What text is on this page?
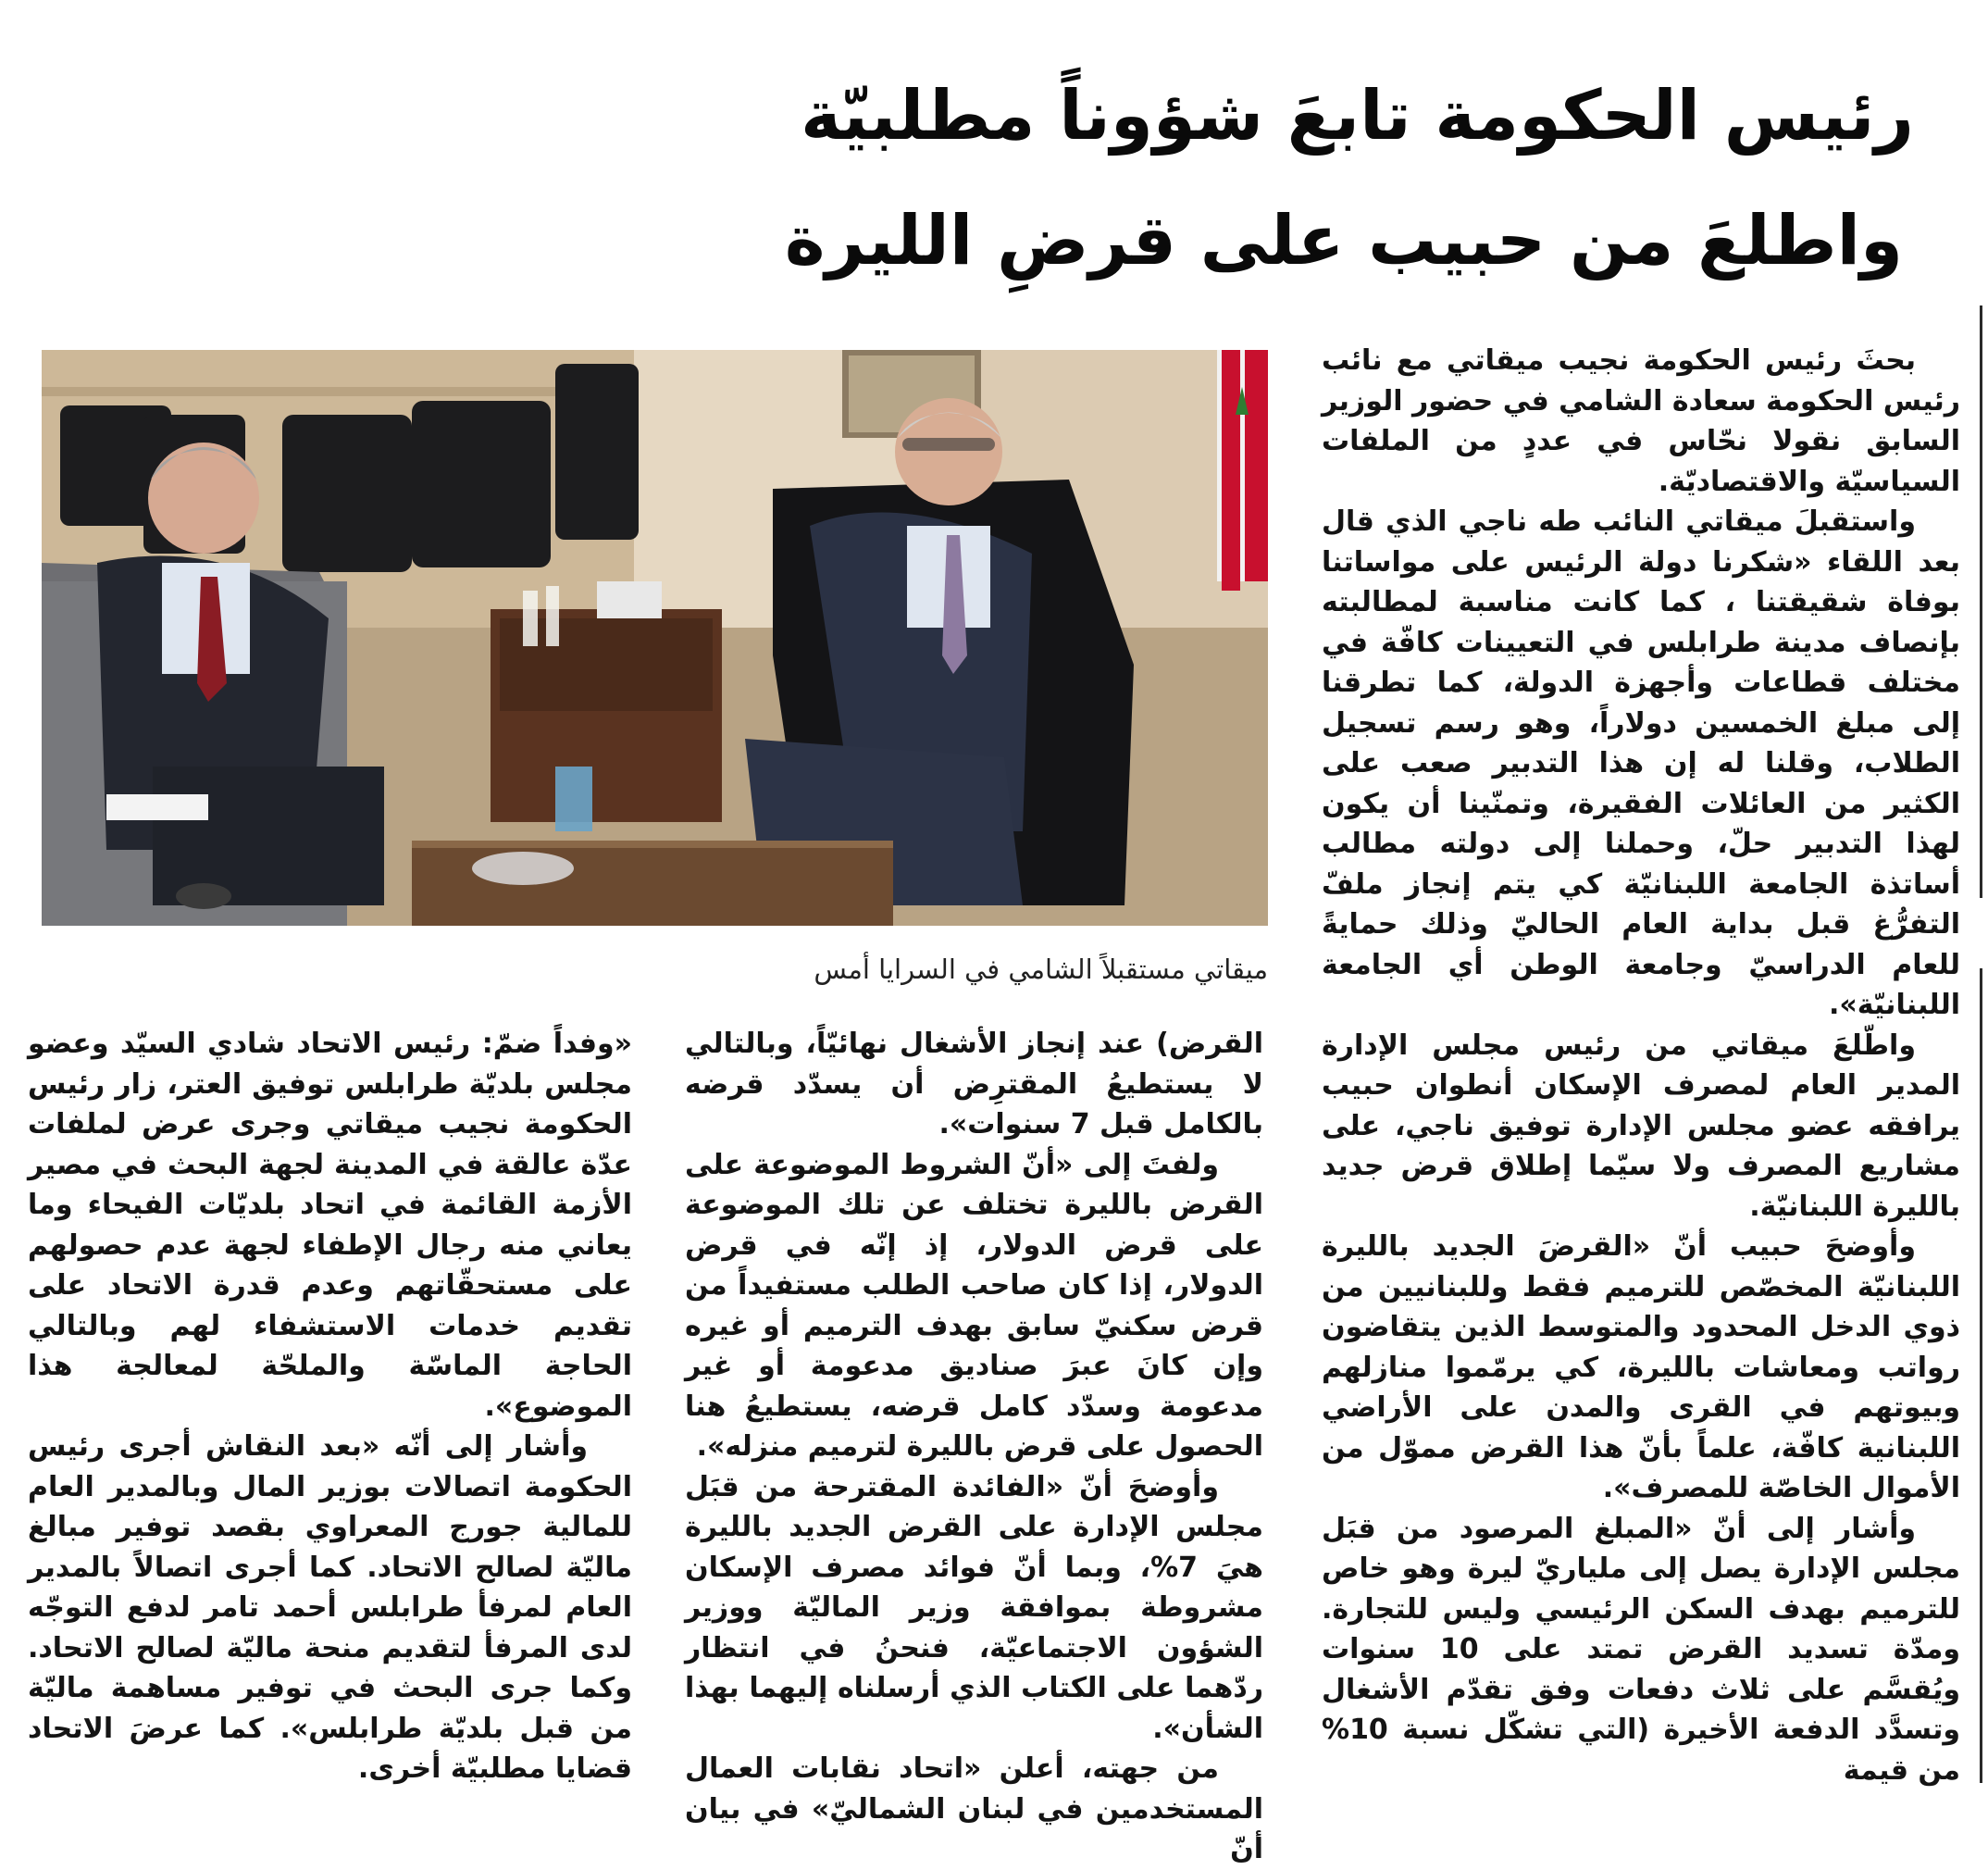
رئيس الحكومة تابعَ شؤوناً مطلبيّة
واطلعَ من حبيب على قرضِ الليرة

بحثَ رئيس الحكومة نجيب ميقاتي مع نائب رئيس الحكومة سعادة الشامي في حضور الوزير السابق نقولا نحّاس في عددٍ من الملفات السياسيّة والاقتصاديّة.

واستقبلَ ميقاتي النائب طه ناجي الذي قال بعد اللقاء «شكرنا دولة الرئيس على مواساتنا بوفاة شقيقتنا ، كما كانت مناسبة لمطالبته بإنصاف مدينة طرابلس في التعيينات كافّة في مختلف قطاعات وأجهزة الدولة، كما تطرقنا إلى مبلغ الخمسين دولاراً، وهو رسم تسجيل الطلاب، وقلنا له إن هذا التدبير صعب على الكثير من العائلات الفقيرة، وتمنّينا أن يكون لهذا التدبير حلّ، وحملنا إلى دولته مطالب أساتذة الجامعة اللبنانيّة كي يتم إنجاز ملفّ التفرُّغ قبل بداية العام الحاليّ وذلك حمايةً للعام الدراسيّ وجامعة الوطن أي الجامعة اللبنانيّة».

واطّلعَ ميقاتي من رئيس مجلس الإدارة المدير العام لمصرف الإسكان أنطوان حبيب يرافقه عضو مجلس الإدارة توفيق ناجي، على مشاريع المصرف ولا سيّما إطلاق قرض جديد بالليرة اللبنانيّة.

وأوضحَ حبيب أنّ «القرضَ الجديد بالليرة اللبنانيّة المخصّص للترميم فقط وللبنانيين من ذوي الدخل المحدود والمتوسط الذين يتقاضون رواتب ومعاشات بالليرة، كي يرمّموا منازلهم وبيوتهم في القرى والمدن على الأراضي اللبنانية كافّة، علماً بأنّ هذا القرض مموّل من الأموال الخاصّة للمصرف».

وأشار إلى أنّ «المبلغ المرصود من قبَل مجلس الإدارة يصل إلى ملياريّ ليرة وهو خاص للترميم بهدف السكن الرئيسي وليس للتجارة. ومدّة تسديد القرض تمتد على 10 سنوات ويُقسَّم على ثلاث دفعات وفق تقدّم الأشغال وتسدَّد الدفعة الأخيرة (التي تشكّل نسبة 10% من قيمة

ميقاتي مستقبلاً الشامي في السرايا أمس

القرض) عند إنجاز الأشغال نهائيّاً، وبالتالي لا يستطيعُ المقترِض أن يسدّد قرضه بالكامل قبل 7 سنوات».

ولفتَ إلى «أنّ الشروط الموضوعة على القرض بالليرة تختلف عن تلك الموضوعة على قرض الدولار، إذ إنّه في قرض الدولار، إذا كان صاحب الطلب مستفيداً من قرض سكنيّ سابق بهدف الترميم أو غيره وإن كانَ عبرَ صناديق مدعومة أو غير مدعومة وسدّد كامل قرضه، يستطيعُ هنا الحصول على قرض بالليرة لترميم منزله».

وأوضحَ أنّ «الفائدة المقترحة من قبَل مجلس الإدارة على القرض الجديد بالليرة هيَ 7%، وبما أنّ فوائد مصرف الإسكان مشروطة بموافقة وزير الماليّة ووزير الشؤون الاجتماعيّة، فنحنُ في انتظار ردّهما على الكتاب الذي أرسلناه إليهما بهذا الشأن».

من جهته، أعلن «اتحاد نقابات العمال المستخدمين في لبنان الشماليّ» في بيان أنّ

«وفداً ضمّ: رئيس الاتحاد شادي السيّد وعضو مجلس بلديّة طرابلس توفيق العتر، زار رئيس الحكومة نجيب ميقاتي وجرى عرض لملفات عدّة عالقة في المدينة لجهة البحث في مصير الأزمة القائمة في اتحاد بلديّات الفيحاء وما يعاني منه رجال الإطفاء لجهة عدم حصولهم على مستحقّاتهم وعدم قدرة الاتحاد على تقديم خدمات الاستشفاء لهم وبالتالي الحاجة الماسّة والملحّة لمعالجة هذا الموضوع».

وأشار إلى أنّه «بعد النقاش أجرى رئيس الحكومة اتصالات بوزير المال وبالمدير العام للمالية جورج المعراوي بقصد توفير مبالغ ماليّة لصالح الاتحاد. كما أجرى اتصالاً بالمدير العام لمرفأ طرابلس أحمد تامر لدفع التوجّه لدى المرفأ لتقديم منحة ماليّة لصالح الاتحاد. وكما جرى البحث في توفير مساهمة ماليّة من قبل بلديّة طرابلس». كما عرضَ الاتحاد قضايا مطلبيّة أخرى.
